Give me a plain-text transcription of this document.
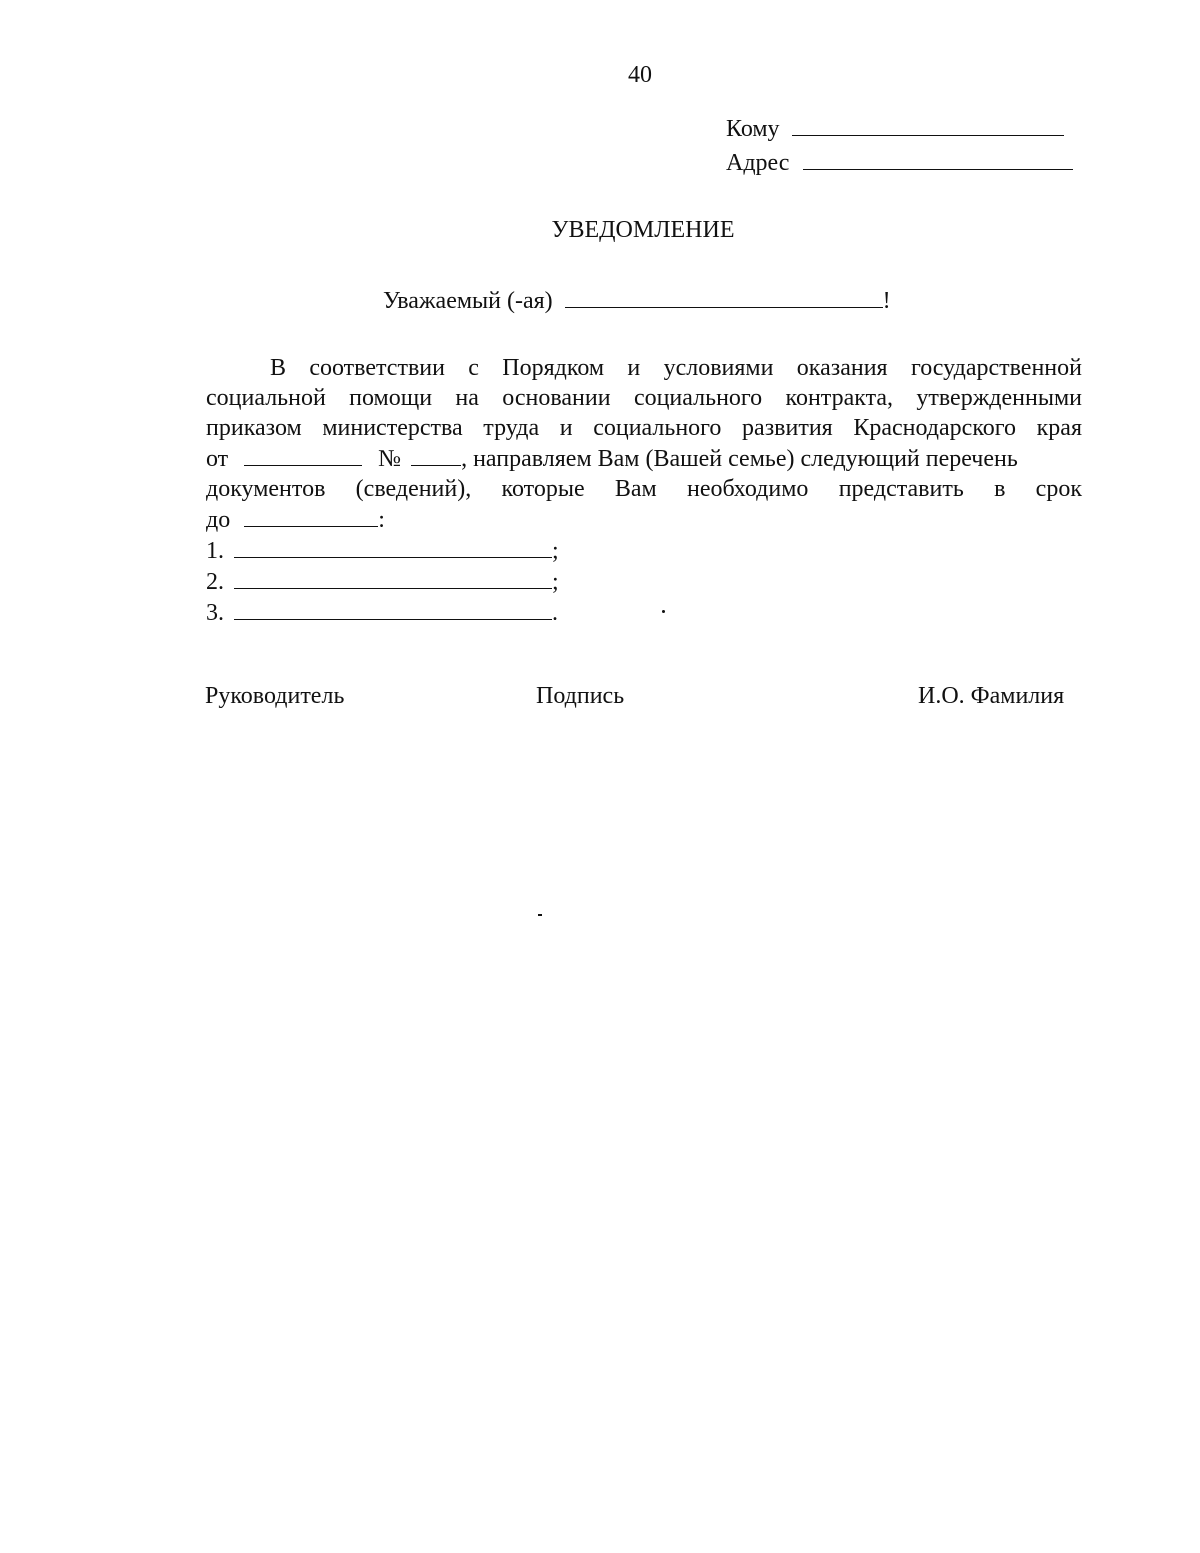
40
Кому
Адрес
УВЕДОМЛЕНИЕ
Уважаемый (-ая)	!
В соответствии с Порядком и условиями оказания государственной
социальной помощи на основании социального контракта, утвержденными
приказом министерства труда и социального развития Краснодарского края
от	№	, направляем Вам (Вашей семье) следующий перечень
документов (сведений), которые Вам необходимо представить в срок
до	:
1.	;
2.	;
3.	.
Руководитель	Подпись	И.О. Фамилия
